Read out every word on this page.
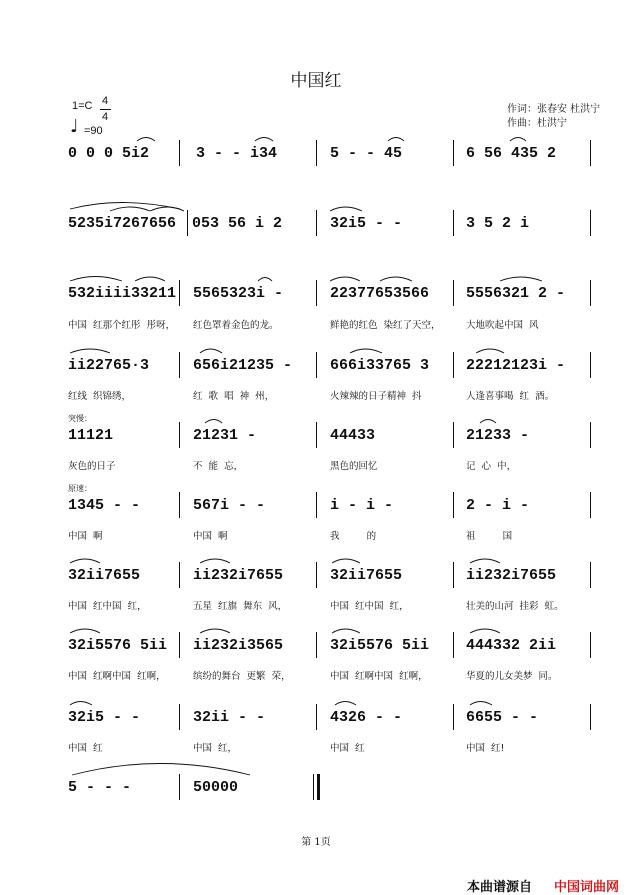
中国红
1=C 4
4
♩ =90
作词：张春安 杜洪宁
作曲：杜洪宁
0 0 0 5i2	3 - - i34	5 - - 45	6 56 435 2
5235i7267656 053 56 i 2	32i5 - -	3 5 2 i
532iiii33211 5565323i -	22377653566 5556321 2 -
中国  红那个红彤  彤呀， 红色罩着金色的龙。	鲜艳的红色  染红了天空，	大地吹起中国  风
ii22765·3	656i21235 -	666i33765 3 22212123i -
红线  织锦绣，	红  歌  唱  神  州，	火辣辣的日子精神  抖	人逢喜事喝  红  酒。
突慢：
11121	21231 -	44433	21233 -
灰色的日子	不  能  忘，	黑色的回忆	记  心  中，
原速：
1345 - -	567i - -	i - i -	2 - i -
中国  啊	中国  啊	我         的	祖         国
32ii7655	ii232i7655	32ii7655	ii232i7655
中国  红中国  红，	五星  红旗  舞东  风，	中国  红中国  红，	壮美的山河  挂彩  虹。
32i5576 5ii ii232i3565	32i5576 5ii 444332 2ii
中国  红啊中国  红啊，	缤纷的舞台  更繁  荣，	中国  红啊中国  红啊，	华夏的儿女美梦  同。
32i5 - -	32ii - -	4326 - -	6655 - -
中国  红	中国  红，	中国  红	中国  红!
5 - - -	50000
第 1页
本曲谱源自 中国词曲网
